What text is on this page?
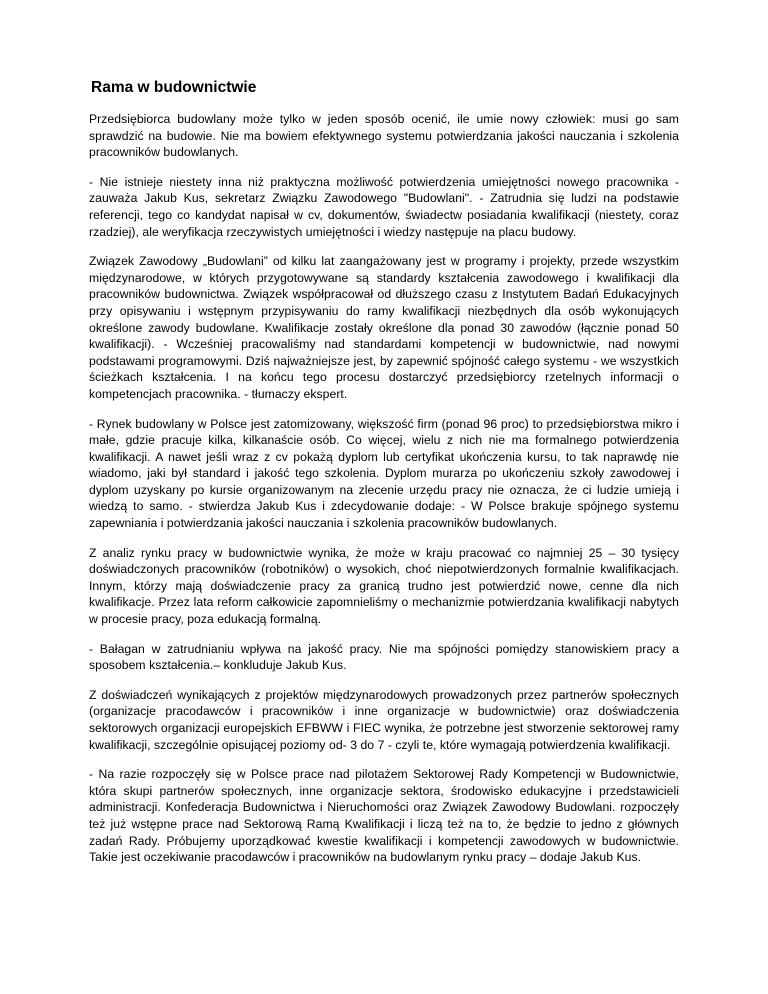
Rama w budownictwie

Przedsiębiorca budowlany może tylko w jeden sposób ocenić, ile umie nowy człowiek: musi go sam sprawdzić na budowie. Nie ma bowiem efektywnego systemu potwierdzania jakości nauczania i szkolenia pracowników budowlanych.

- Nie istnieje niestety inna niż praktyczna możliwość potwierdzenia umiejętności nowego pracownika - zauważa Jakub Kus, sekretarz Związku Zawodowego "Budowlani". - Zatrudnia się ludzi na podstawie referencji, tego co kandydat napisał w cv, dokumentów, świadectw posiadania kwalifikacji (niestety, coraz rzadziej), ale weryfikacja rzeczywistych umiejętności i wiedzy następuje na placu budowy.

Związek Zawodowy „Budowlani” od kilku lat zaangażowany jest w programy i projekty, przede wszystkim międzynarodowe, w których przygotowywane są standardy kształcenia zawodowego i kwalifikacji dla pracowników budownictwa. Związek współpracował od dłuższego czasu z Instytutem Badań Edukacyjnych przy opisywaniu i wstępnym przypisywaniu do ramy kwalifikacji niezbędnych dla osób wykonujących określone zawody budowlane. Kwalifikacje zostały określone dla ponad 30 zawodów (łącznie ponad 50 kwalifikacji). - Wcześniej pracowaliśmy nad standardami kompetencji w budownictwie, nad nowymi podstawami programowymi. Dziś najważniejsze jest, by zapewnić spójność całego systemu - we wszystkich ścieżkach kształcenia. I na końcu tego procesu dostarczyć przedsiębiorcy rzetelnych informacji o kompetencjach pracownika. - tłumaczy ekspert.

- Rynek budowlany w Polsce jest zatomizowany, większość firm (ponad 96 proc) to przedsiębiorstwa mikro i małe, gdzie pracuje kilka, kilkanaście osób. Co więcej, wielu z nich nie ma formalnego potwierdzenia kwalifikacji. A nawet jeśli wraz z cv pokażą dyplom lub certyfikat ukończenia kursu, to tak naprawdę nie wiadomo, jaki był standard i jakość tego szkolenia. Dyplom murarza po ukończeniu szkoły zawodowej i dyplom uzyskany po kursie organizowanym na zlecenie urzędu pracy nie oznacza, że ci ludzie umieją i wiedzą to samo. - stwierdza Jakub Kus i zdecydowanie dodaje: - W Polsce brakuje spójnego systemu zapewniania i potwierdzania jakości nauczania i szkolenia pracowników budowlanych.

Z analiz rynku pracy w budownictwie wynika, że może w kraju pracować co najmniej 25 – 30 tysięcy doświadczonych pracowników (robotników) o wysokich, choć niepotwierdzonych formalnie kwalifikacjach. Innym, którzy mają doświadczenie pracy za granicą trudno jest potwierdzić nowe, cenne dla nich kwalifikacje. Przez lata reform całkowicie zapomnieliśmy o mechanizmie potwierdzania kwalifikacji nabytych w procesie pracy, poza edukacją formalną.

- Bałagan w zatrudnianiu wpływa na jakość pracy. Nie ma spójności pomiędzy stanowiskiem pracy a sposobem kształcenia.– konkluduje Jakub Kus.

Z doświadczeń wynikających z projektów międzynarodowych prowadzonych przez partnerów społecznych (organizacje pracodawców i pracowników i inne organizacje w budownictwie) oraz doświadczenia sektorowych organizacji europejskich EFBWW i FIEC wynika, że potrzebne jest stworzenie sektorowej ramy kwalifikacji, szczególnie opisującej poziomy od- 3 do 7 - czyli te, które wymagają potwierdzenia kwalifikacji.

- Na razie rozpoczęły się w Polsce prace nad pilotażem Sektorowej Rady Kompetencji w Budownictwie, która skupi partnerów społecznych, inne organizacje sektora, środowisko edukacyjne i przedstawicieli administracji. Konfederacja Budownictwa i Nieruchomości oraz Związek Zawodowy Budowlani. rozpoczęły też już wstępne prace nad Sektorową Ramą Kwalifikacji i liczą też na to, że będzie to jedno z głównych zadań Rady. Próbujemy uporządkować kwestie kwalifikacji i kompetencji zawodowych w budownictwie. Takie jest oczekiwanie pracodawców i pracowników na budowlanym rynku pracy – dodaje Jakub Kus.
